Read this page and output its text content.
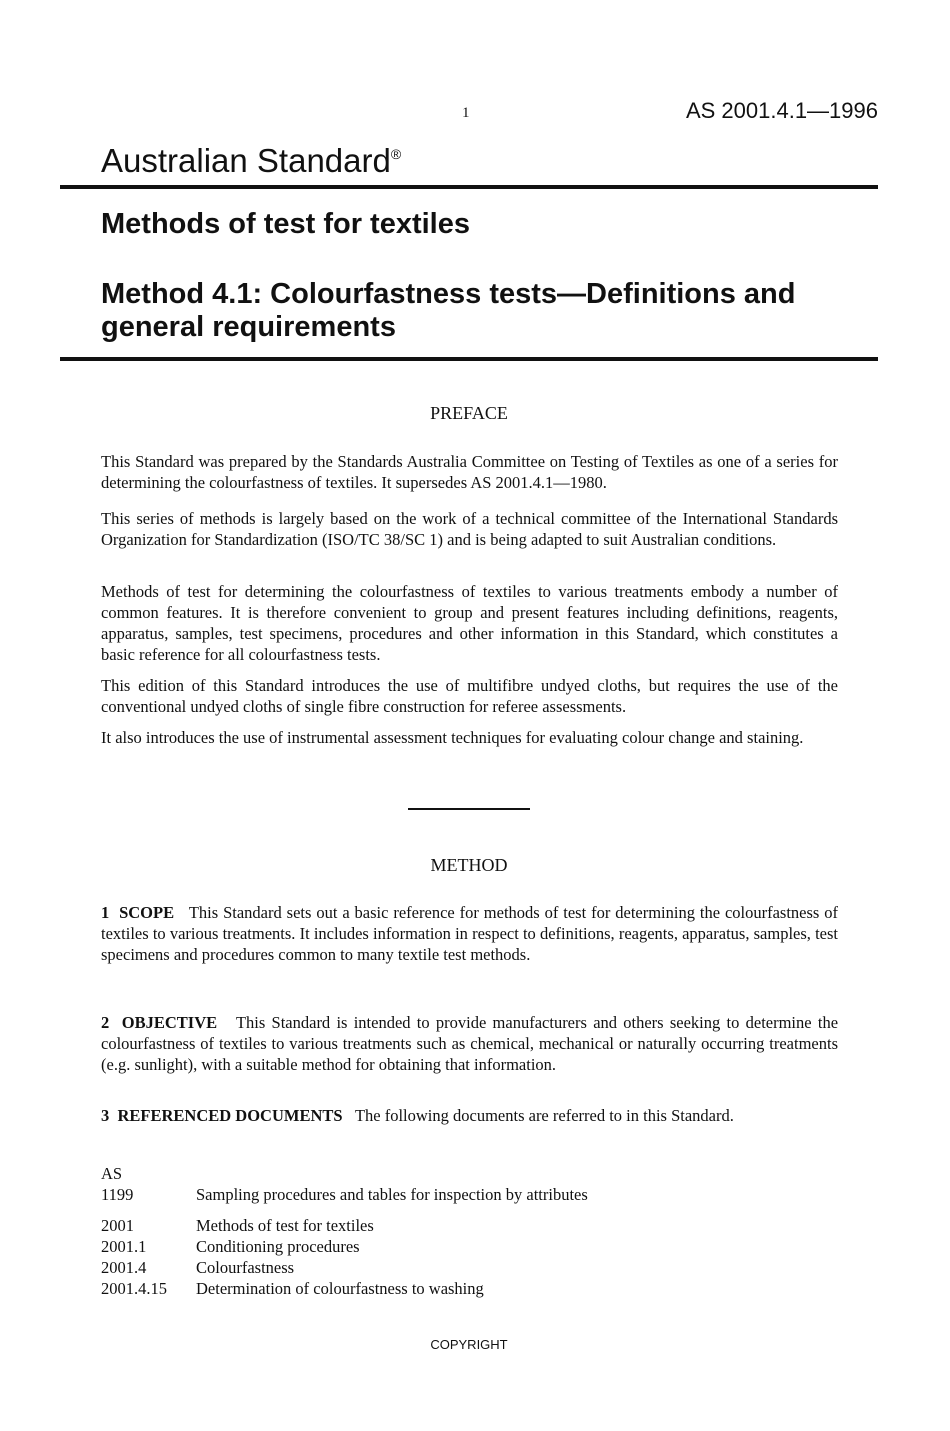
1	AS 2001.4.1—1996
Australian Standard®
Methods of test for textiles
Method 4.1: Colourfastness tests—Definitions and general requirements
PREFACE

This Standard was prepared by the Standards Australia Committee on Testing of Textiles as one of a series for determining the colourfastness of textiles. It supersedes AS 2001.4.1—1980.

This series of methods is largely based on the work of a technical committee of the International Standards Organization for Standardization (ISO/TC 38/SC 1) and is being adapted to suit Australian conditions.

Methods of test for determining the colourfastness of textiles to various treatments embody a number of common features. It is therefore convenient to group and present features including definitions, reagents, apparatus, samples, test specimens, procedures and other information in this Standard, which constitutes a basic reference for all colourfastness tests.

This edition of this Standard introduces the use of multifibre undyed cloths, but requires the use of the conventional undyed cloths of single fibre construction for referee assessments.

It also introduces the use of instrumental assessment techniques for evaluating colour change and staining.

METHOD

1 SCOPE This Standard sets out a basic reference for methods of test for determining the colourfastness of textiles to various treatments. It includes information in respect to definitions, reagents, apparatus, samples, test specimens and procedures common to many textile test methods.

2 OBJECTIVE This Standard is intended to provide manufacturers and others seeking to determine the colourfastness of textiles to various treatments such as chemical, mechanical or naturally occurring treatments (e.g. sunlight), with a suitable method for obtaining that information.

3 REFERENCED DOCUMENTS The following documents are referred to in this Standard.

AS
1199	Sampling procedures and tables for inspection by attributes
2001	Methods of test for textiles
2001.1	Conditioning procedures
2001.4	Colourfastness
2001.4.15	Determination of colourfastness to washing
COPYRIGHT
